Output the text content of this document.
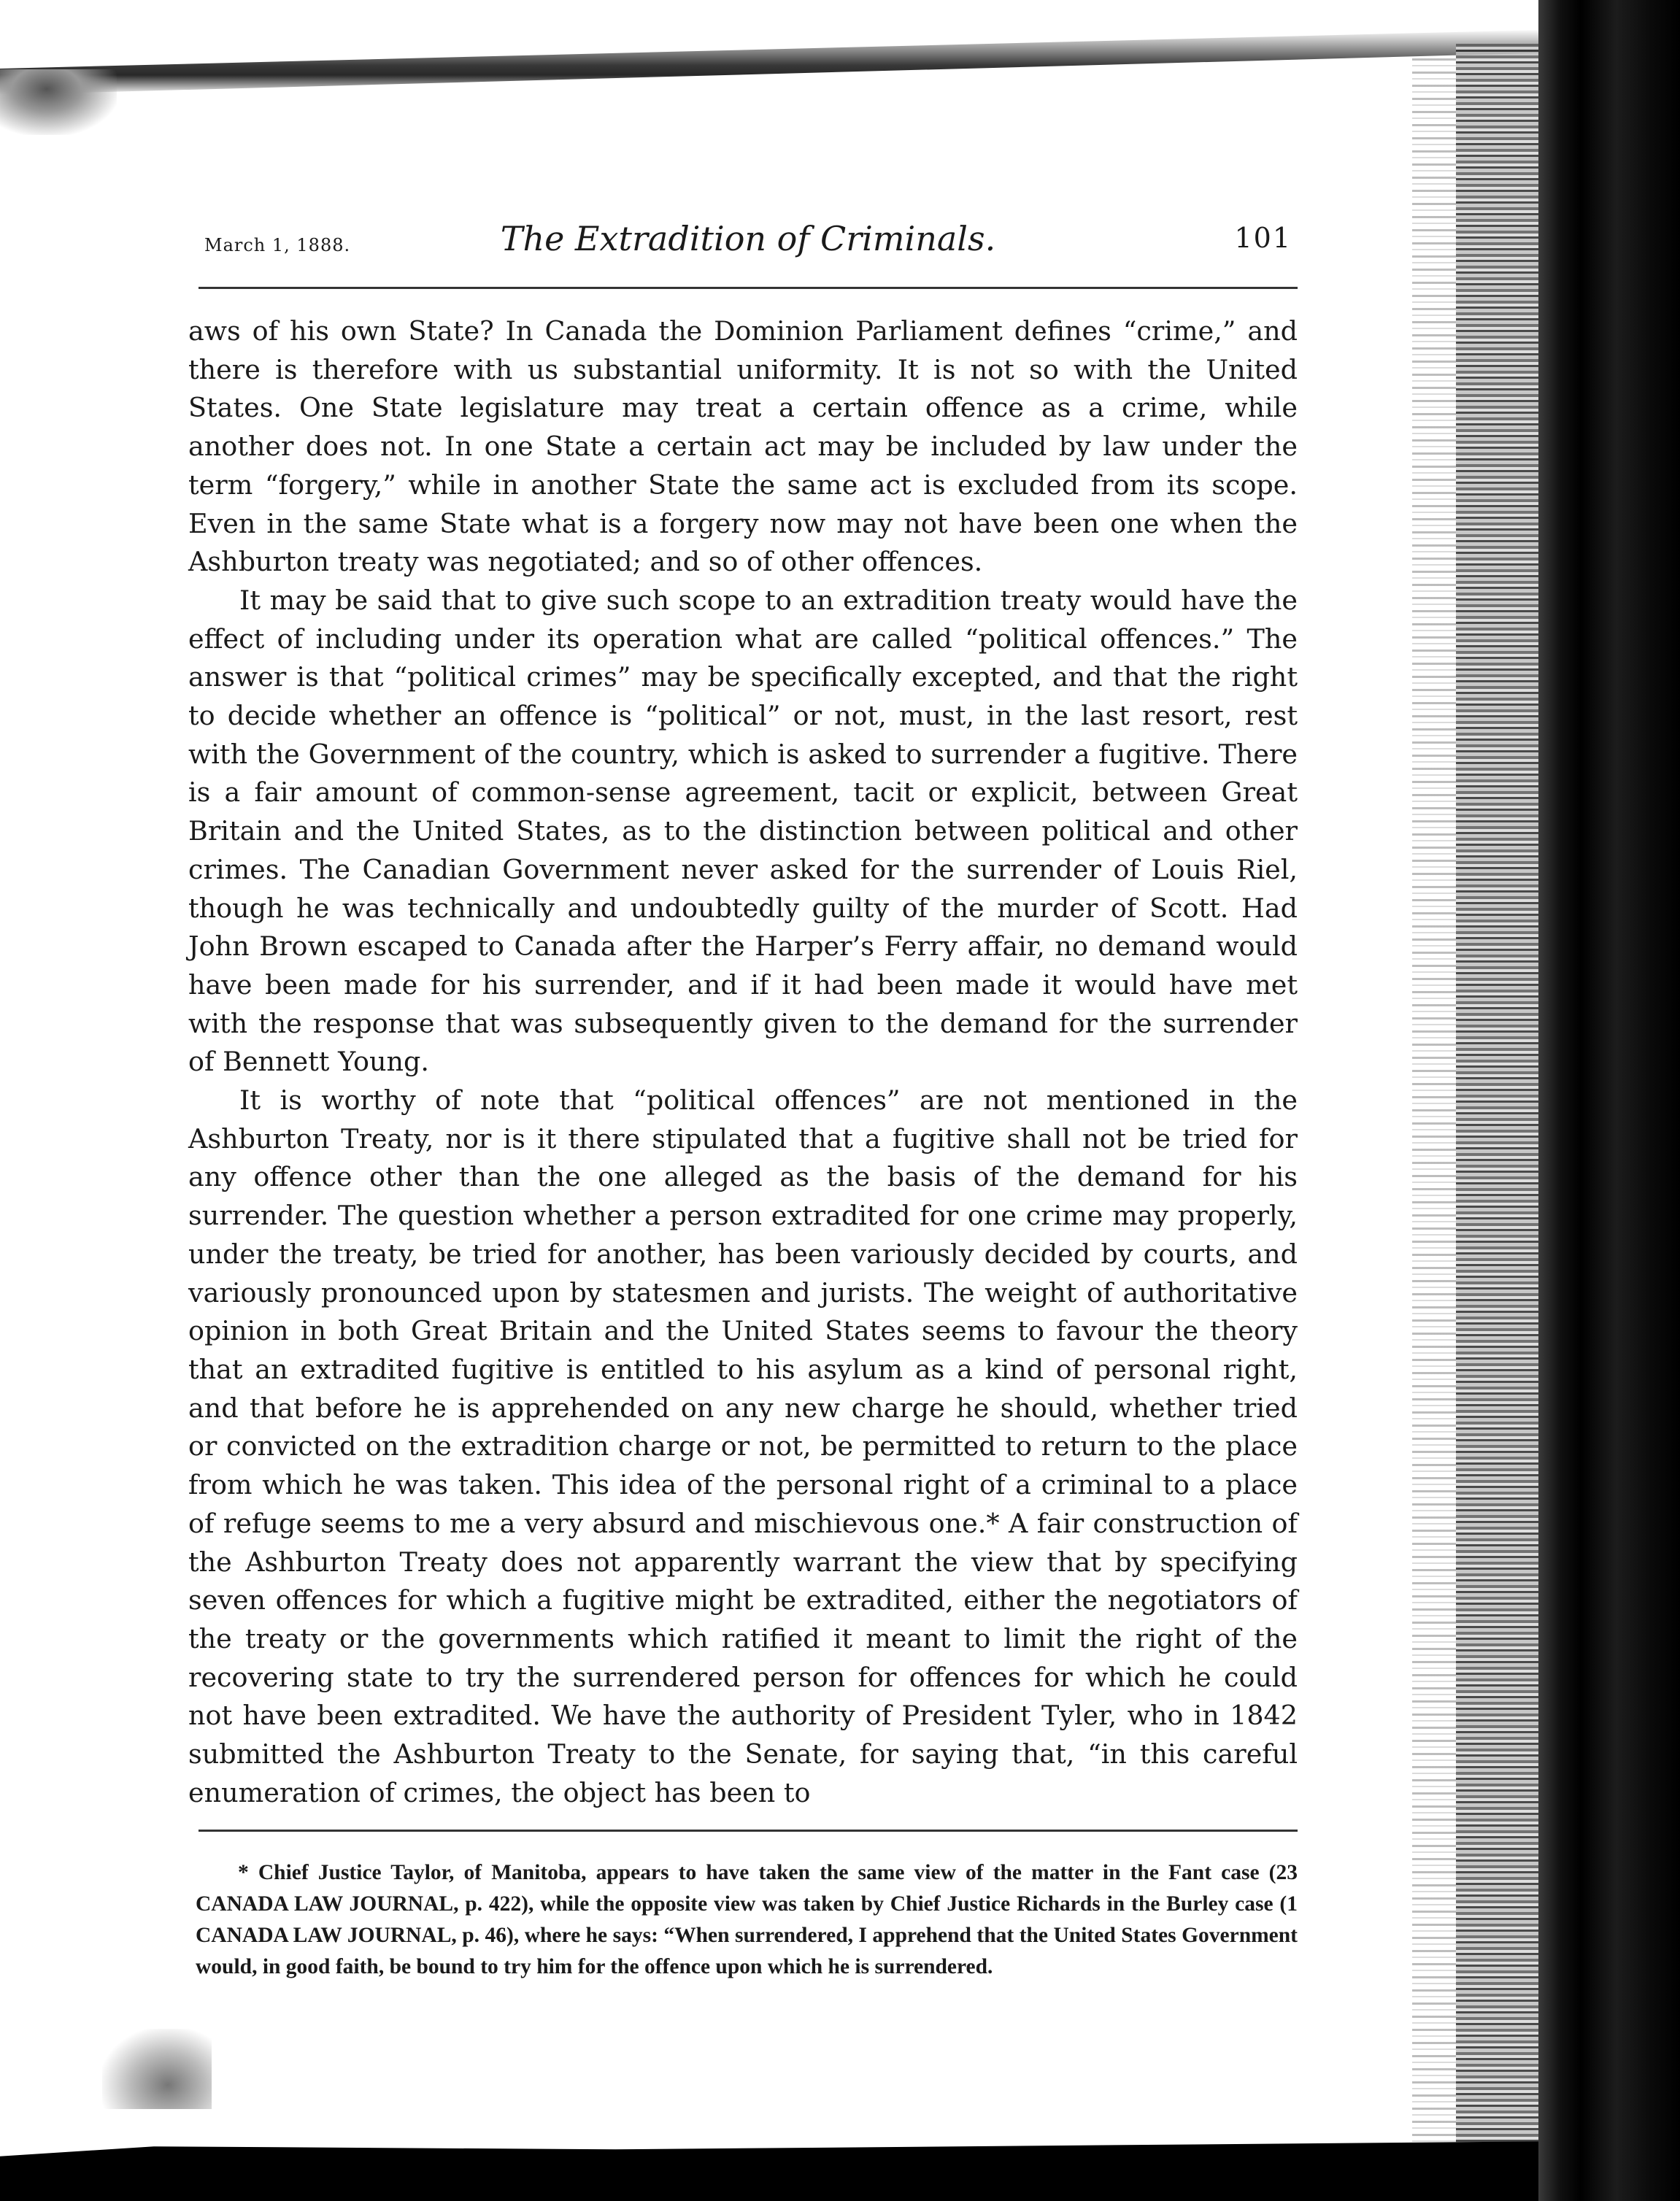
March 1, 1888.	The Extradition of Criminals.	101

aws of his own State? In Canada the Dominion Parliament defines “crime,” and there is therefore with us substantial uniformity. It is not so with the United States. One State legislature may treat a certain offence as a crime, while another does not. In one State a certain act may be included by law under the term “forgery,” while in another State the same act is excluded from its scope. Even in the same State what is a forgery now may not have been one when the Ashburton treaty was negotiated; and so of other offences.

It may be said that to give such scope to an extradition treaty would have the effect of including under its operation what are called “political offences.” The answer is that “political crimes” may be specifically excepted, and that the right to decide whether an offence is “political” or not, must, in the last resort, rest with the Government of the country, which is asked to surrender a fugitive. There is a fair amount of common-sense agreement, tacit or explicit, between Great Britain and the United States, as to the distinction between political and other crimes. The Canadian Government never asked for the surrender of Louis Riel, though he was technically and undoubtedly guilty of the murder of Scott. Had John Brown escaped to Canada after the Harper’s Ferry affair, no demand would have been made for his surrender, and if it had been made it would have met with the response that was subsequently given to the demand for the surrender of Bennett Young.

It is worthy of note that “political offences” are not mentioned in the Ashburton Treaty, nor is it there stipulated that a fugitive shall not be tried for any offence other than the one alleged as the basis of the demand for his surrender. The question whether a person extradited for one crime may properly, under the treaty, be tried for another, has been variously decided by courts, and variously pronounced upon by statesmen and jurists. The weight of authoritative opinion in both Great Britain and the United States seems to favour the theory that an extradited fugitive is entitled to his asylum as a kind of personal right, and that before he is apprehended on any new charge he should, whether tried or convicted on the extradition charge or not, be permitted to return to the place from which he was taken. This idea of the personal right of a criminal to a place of refuge seems to me a very absurd and mischievous one.* A fair construction of the Ashburton Treaty does not apparently warrant the view that by specifying seven offences for which a fugitive might be extradited, either the negotiators of the treaty or the governments which ratified it meant to limit the right of the recovering state to try the surrendered person for offences for which he could not have been extradited. We have the authority of President Tyler, who in 1842 submitted the Ashburton Treaty to the Senate, for saying that, “in this careful enumeration of crimes, the object has been to

* Chief Justice Taylor, of Manitoba, appears to have taken the same view of the matter in the Fant case (23 CANADA LAW JOURNAL, p. 422), while the opposite view was taken by Chief Justice Richards in the Burley case (1 CANADA LAW JOURNAL, p. 46), where he says: “When surrendered, I apprehend that the United States Government would, in good faith, be bound to try him for the offence upon which he is surrendered.
